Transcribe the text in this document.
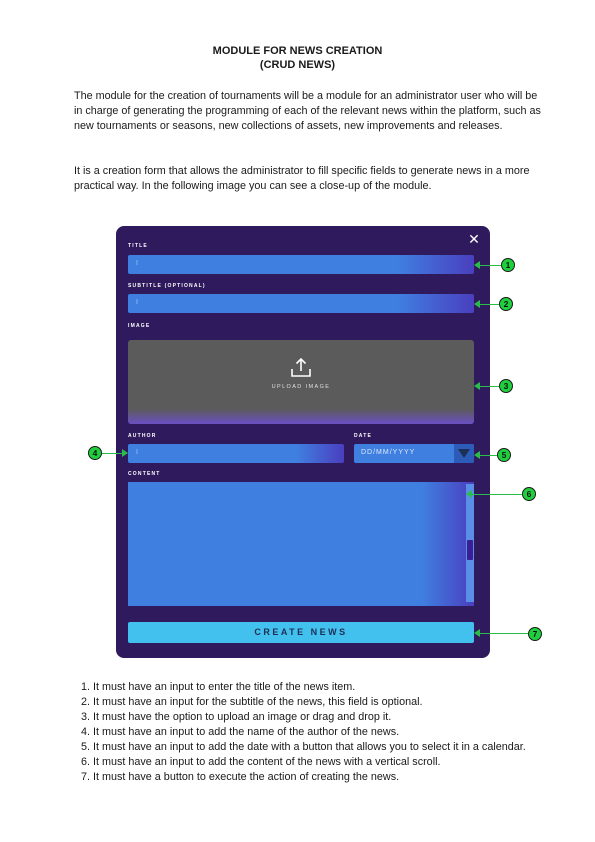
MODULE FOR NEWS CREATION
(CRUD NEWS)

The module for the creation of tournaments will be a module for an administrator user who will be in charge of generating the programming of each of the relevant news within the platform, such as new tournaments or seasons, new collections of assets, new improvements and releases.

It is a creation form that allows the administrator to fill specific fields to generate news in a more practical way. In the following image you can see a close-up of the module.

✕
TITLE
I
SUBTITLE (OPTIONAL)
I
IMAGE
UPLOAD IMAGE
AUTHOR
I
DATE
DD/MM/YYYY
CONTENT
CREATE NEWS
1
2
3
4	5
6
7
1. It must have an input to enter the title of the news item.
2. It must have an input for the subtitle of the news, this field is optional.
3. It must have the option to upload an image or drag and drop it.
4. It must have an input to add the name of the author of the news.
5. It must have an input to add the date with a button that allows you to select it in a calendar.
6. It must have an input to add the content of the news with a vertical scroll.
7. It must have a button to execute the action of creating the news.
